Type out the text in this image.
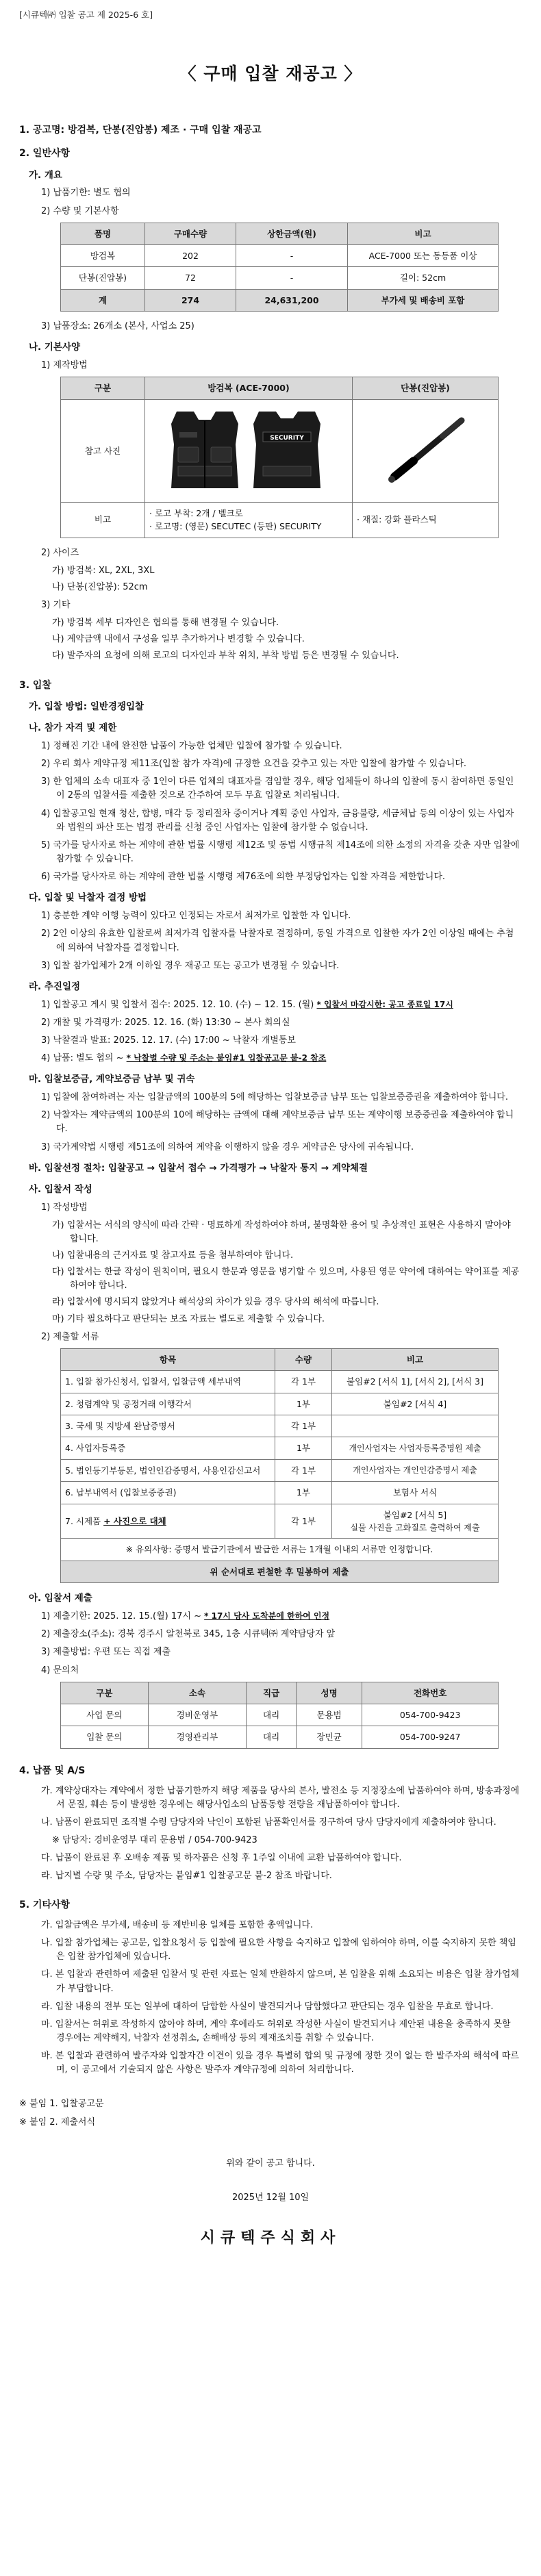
[시큐텍㈜ 입찰 공고 제 2025-6 호]
〈 구매 입찰 재공고 〉
1. 공고명: 방검복, 단봉(진압봉) 제조 · 구매 입찰 재공고
2. 일반사항
가. 개요
1) 납품기한: 별도 협의
2) 수량 및 기본사항
품명	구매수량	상한금액(원)	비고
방검복	202	-	ACE-7000 또는 동등품 이상
단봉(진압봉)	72	-	길이: 52cm
계	274	24,631,200	부가세 및 배송비 포함
3) 납품장소: 26개소 (본사, 사업소 25)
나. 기본사양
1) 제작방법
구분	방검복 (ACE-7000)	단봉(진압봉)
참고 사진	SECURITY

비고	· 로고 부착: 2개 / 벨크로
· 로고명: (영문) SECUTEC (등판) SECURITY	· 재질: 강화 플라스틱
2) 사이즈
가) 방검복: XL, 2XL, 3XL
나) 단봉(진압봉): 52cm
3) 기타
가) 방검복 세부 디자인은 협의를 통해 변경될 수 있습니다.
나) 계약금액 내에서 구성을 일부 추가하거나 변경할 수 있습니다.
다) 발주자의 요청에 의해 로고의 디자인과 부착 위치, 부착 방법 등은 변경될 수 있습니다.
3. 입찰
가. 입찰 방법: 일반경쟁입찰
나. 참가 자격 및 제한
1) 정해진 기간 내에 완전한 납품이 가능한 업체만 입찰에 참가할 수 있습니다.
2) 우리 회사 계약규정 제11조(입찰 참가 자격)에 규정한 요건을 갖추고 있는 자만 입찰에 참가할 수 있습니다.
3) 한 업체의 소속 대표자 중 1인이 다른 업체의 대표자를 겸임할 경우, 해당 업체들이 하나의 입찰에 동시 참여하면 동일인이 2통의 입찰서를 제출한 것으로 간주하여 모두 무효 입찰로 처리됩니다.
4) 입찰공고일 현재 청산, 합병, 매각 등 정리절차 중이거나 계획 중인 사업자, 금융불량, 세금체납 등의 이상이 있는 사업자와 법원의 파산 또는 법정 관리를 신청 중인 사업자는 입찰에 참가할 수 없습니다.
5) 국가를 당사자로 하는 계약에 관한 법률 시행령 제12조 및 동법 시행규칙 제14조에 의한 소정의 자격을 갖춘 자만 입찰에 참가할 수 있습니다.
6) 국가를 당사자로 하는 계약에 관한 법률 시행령 제76조에 의한 부정당업자는 입찰 자격을 제한합니다.
다. 입찰 및 낙찰자 결정 방법
1) 충분한 계약 이행 능력이 있다고 인정되는 자로서 최저가로 입찰한 자 입니다.
2) 2인 이상의 유효한 입찰로써 최저가격 입찰자를 낙찰자로 결정하며, 동일 가격으로 입찰한 자가 2인 이상일 때에는 추첨에 의하여 낙찰자를 결정합니다.
3) 입찰 참가업체가 2개 이하일 경우 재공고 또는 공고가 변경될 수 있습니다.
라. 추진일정
1) 입찰공고 게시 및 입찰서 접수: 2025. 12. 10. (수) ~ 12. 15. (월) * 입찰서 마감시한: 공고 종료일 17시
2) 개찰 및 가격평가: 2025. 12. 16. (화) 13:30 ~ 본사 회의실
3) 낙찰결과 발표: 2025. 12. 17. (수) 17:00 ~ 낙찰자 개별통보
4) 납품: 별도 협의 ~ * 낙찰별 수량 및 주소는 붙임#1 입찰공고문 붙-2 참조
마. 입찰보증금, 계약보증금 납부 및 귀속
1) 입찰에 참여하려는 자는 입찰금액의 100분의 5에 해당하는 입찰보증금 납부 또는 입찰보증증권을 제출하여야 합니다.
2) 낙찰자는 계약금액의 100분의 10에 해당하는 금액에 대해 계약보증금 납부 또는 계약이행 보증증권을 제출하여야 합니다.
3) 국가계약법 시행령 제51조에 의하여 계약을 이행하지 않을 경우 계약금은 당사에 귀속됩니다.
바. 입찰선정 절차: 입찰공고 → 입찰서 접수 → 가격평가 → 낙찰자 통지 → 계약체결
사. 입찰서 작성
1) 작성방법
가) 입찰서는 서식의 양식에 따라 간략 · 명료하게 작성하여야 하며, 불명확한 용어 및 추상적인 표현은 사용하지 말아야 합니다.
나) 입찰내용의 근거자료 및 참고자료 등을 첨부하여야 합니다.
다) 입찰서는 한글 작성이 원칙이며, 필요시 한문과 영문을 병기할 수 있으며, 사용된 영문 약어에 대하여는 약어표를 제공하여야 합니다.
라) 입찰서에 명시되지 않았거나 해석상의 차이가 있을 경우 당사의 해석에 따릅니다.
마) 기타 필요하다고 판단되는 보조 자료는 별도로 제출할 수 있습니다.
2) 제출할 서류
항목	수량	비고
1. 입찰 참가신청서, 입찰서, 입찰금액 세부내역	각 1부	붙임#2 [서식 1], [서식 2], [서식 3]
2. 청렴계약 및 공정거래 이행각서	1부	붙임#2 [서식 4]
3. 국세 및 지방세 완납증명서	각 1부	
4. 사업자등록증	1부	개인사업자는 사업자등록증명원 제출
5. 법인등기부등본, 법인인감증명서, 사용인감신고서	각 1부	개인사업자는 개인인감증명서 제출
6. 납부내역서 (입찰보증증권)	1부	보험사 서식
7. 시제품 + 사진으로 대체	각 1부	붙임#2 [서식 5]
실물 사진을 고화질로 출력하여 제출

※ 유의사항: 증명서 발급기관에서 발급한 서류는 1개월 이내의 서류만 인정합니다.		
위 순서대로 편철한 후 밀봉하여 제출		
아. 입찰서 제출
1) 제출기한: 2025. 12. 15.(월) 17시 ~ * 17시 당사 도착분에 한하여 인정
2) 제출장소(주소): 경북 경주시 알천북로 345, 1층 시큐텍㈜ 계약담당자 앞
3) 제출방법: 우편 또는 직접 제출
4) 문의처
구분	소속	직급	성명	전화번호
사업 문의	경비운영부	대리	문용범	054-700-9423
입찰 문의	경영관리부	대리	장민균	054-700-9247
4. 납품 및 A/S
가. 계약상대자는 계약에서 정한 납품기한까지 해당 제품을 당사의 본사, 발전소 등 지정장소에 납품하여야 하며, 방송과정에서 문질, 훼손 등이 발생한 경우에는 해당사업소의 납품동향 전량을 재납품하여야 합니다.
나. 납품이 완료되면 조직별 수령 담당자와 낙인이 포함된 납품확인서를 징구하여 당사 담당자에게 제출하여야 합니다.
※ 담당자: 경비운영부 대리 문용범 / 054-700-9423
다. 납품이 완료된 후 오배송 제품 및 하자품은 신청 후 1주일 이내에 교환 납품하여야 합니다.
라. 납지별 수량 및 주소, 담당자는 붙임#1 입찰공고문 붙-2 참조 바랍니다.
5. 기타사항
가. 입찰금액은 부가세, 배송비 등 제반비용 일체를 포함한 총액입니다.
나. 입찰 참가업체는 공고문, 입찰요청서 등 입찰에 필요한 사항을 숙지하고 입찰에 임하여야 하며, 이를 숙지하지 못한 책임은 입찰 참가업체에 있습니다.
다. 본 입찰과 관련하여 제출된 입찰서 및 관련 자료는 일체 반환하지 않으며, 본 입찰을 위해 소요되는 비용은 입찰 참가업체가 부담합니다.
라. 입찰 내용의 전부 또는 일부에 대하여 담합한 사실이 발견되거나 담합했다고 판단되는 경우 입찰을 무효로 합니다.
마. 입찰서는 허위로 작성하지 않아야 하며, 계약 후에라도 허위로 작성한 사실이 발견되거나 제안된 내용을 충족하지 못할 경우에는 계약해지, 낙찰자 선정취소, 손해배상 등의 제재조치를 취할 수 있습니다.
바. 본 입찰과 관련하여 발주자와 입찰자간 이견이 있을 경우 특별히 합의 및 규정에 정한 것이 없는 한 발주자의 해석에 따르며, 이 공고에서 기술되지 않은 사항은 발주자 계약규정에 의하여 처리합니다.
※ 붙임 1. 입찰공고문
※ 붙임 2. 제출서식
위와 같이 공고 합니다.
2025년 12월 10일
시큐텍주식회사
